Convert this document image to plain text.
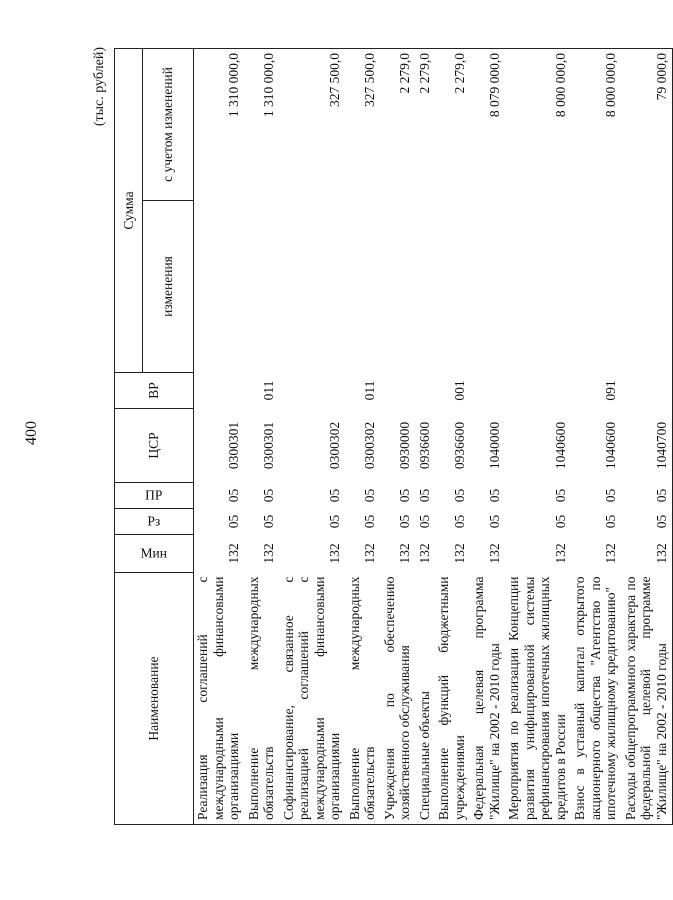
400
(тыс. рублей)
Наименование	Мин	Рз	ПР	ЦСР	ВР	Сумма	
						изменения	с учетом изменений
Реализация соглашений с международными финансовыми организациями	132	05	05	0300301			1 310 000,0
Выполнение международных обязательств	132	05	05	0300301	011		1 310 000,0
Софинансирование, связанное с реализацией соглашений с международными финансовыми организациями	132	05	05	0300302			327 500,0
Выполнение международных обязательств	132	05	05	0300302	011		327 500,0
Учреждения по обеспечению хозяйственного обслуживания	132	05	05	0930000			2 279,0
Специальные объекты	132	05	05	0936600			2 279,0
Выполнение функций бюджетными учреждениями	132	05	05	0936600	001		2 279,0
Федеральная целевая программа "Жилище" на 2002 - 2010 годы	132	05	05	1040000			8 079 000,0
Мероприятия по реализации Концепции развития унифицированной системы рефинансирования ипотечных жилищных кредитов в России	132	05	05	1040600			8 000 000,0
Взнос в уставный капитал открытого акционерного общества "Агентство по ипотечному жилищному кредитованию"	132	05	05	1040600	091		8 000 000,0
Расходы общепрограммного характера по федеральной целевой программе "Жилище" на 2002 - 2010 годы	132	05	05	1040700			79 000,0
